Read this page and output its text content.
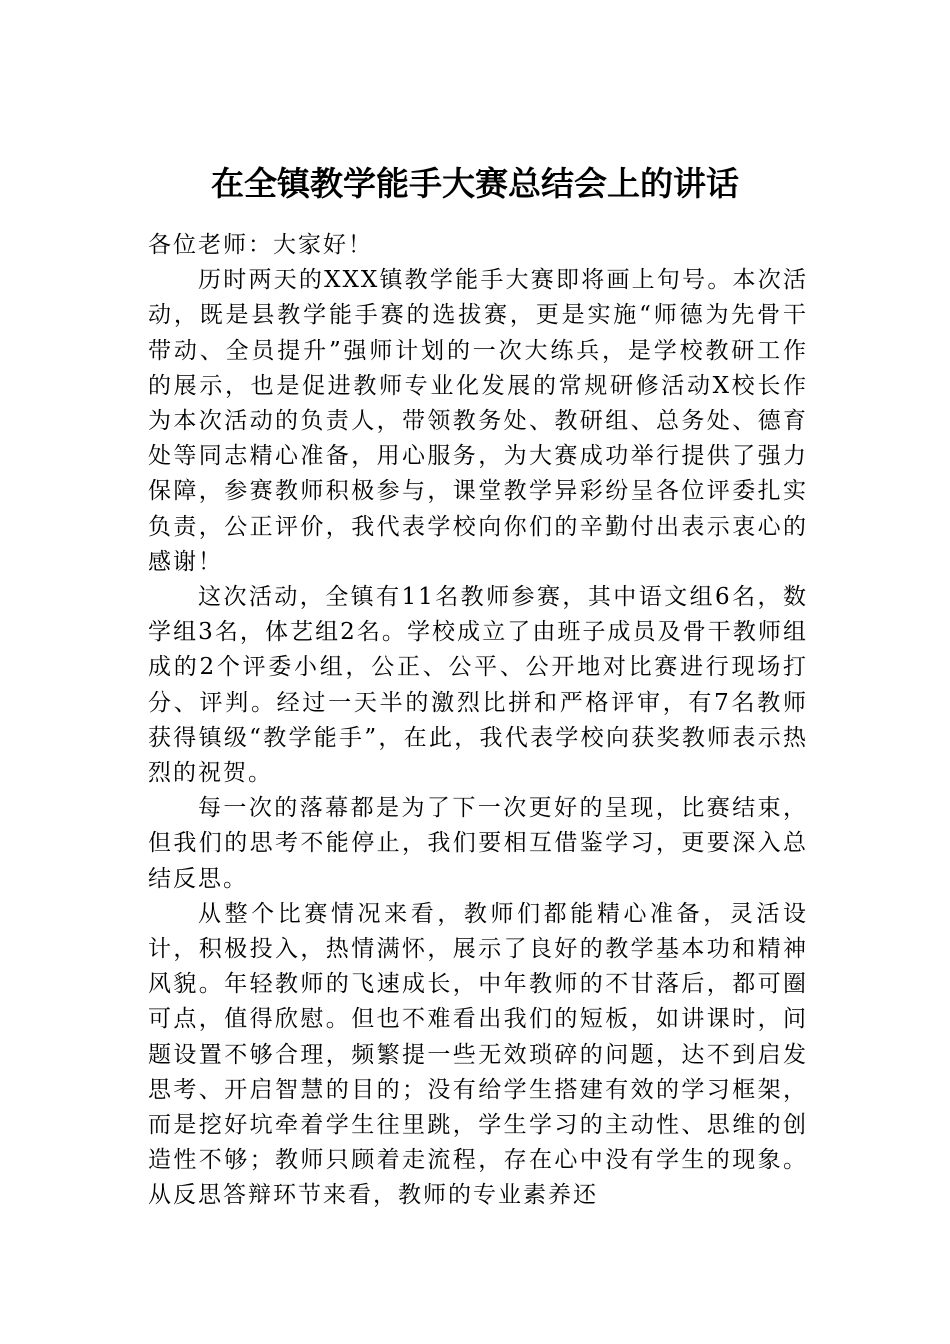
在全镇教学能手大赛总结会上的讲话

各位老师：大家好！

历时两天的XXX镇教学能手大赛即将画上句号。本次活动，既是县教学能手赛的选拔赛，更是实施“师德为先骨干带动、全员提升”强师计划的一次大练兵，是学校教研工作的展示，也是促进教师专业化发展的常规研修活动X校长作为本次活动的负责人，带领教务处、教研组、总务处、德育处等同志精心准备，用心服务，为大赛成功举行提供了强力保障，参赛教师积极参与，课堂教学异彩纷呈各位评委扎实负责，公正评价，我代表学校向你们的辛勤付出表示衷心的感谢！

这次活动，全镇有11名教师参赛，其中语文组6名，数学组3名，体艺组2名。学校成立了由班子成员及骨干教师组成的2个评委小组，公正、公平、公开地对比赛进行现场打分、评判。经过一天半的激烈比拼和严格评审，有7名教师获得镇级“教学能手”，在此，我代表学校向获奖教师表示热烈的祝贺。

每一次的落幕都是为了下一次更好的呈现，比赛结束，但我们的思考不能停止，我们要相互借鉴学习，更要深入总结反思。

从整个比赛情况来看，教师们都能精心准备，灵活设计，积极投入，热情满怀，展示了良好的教学基本功和精神风貌。年轻教师的飞速成长，中年教师的不甘落后，都可圈可点，值得欣慰。但也不难看出我们的短板，如讲课时，问题设置不够合理，频繁提一些无效琐碎的问题，达不到启发思考、开启智慧的目的；没有给学生搭建有效的学习框架，而是挖好坑牵着学生往里跳，学生学习的主动性、思维的创造性不够；教师只顾着走流程，存在心中没有学生的现象。从反思答辩环节来看，教师的专业素养还
